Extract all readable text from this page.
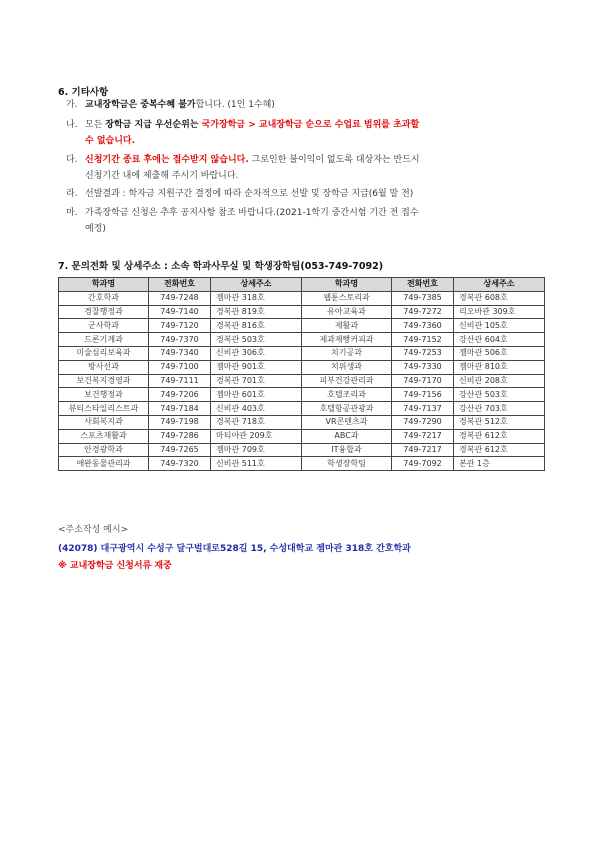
6. 기타사항
가. 교내장학금은 중복수혜 불가합니다. (1인 1수혜)
나. 모든 장학금 지급 우선순위는 국가장학금 > 교내장학금 순으로 수업료 범위를 초과할
수 없습니다.
다. 신청기간 종료 후에는 접수받지 않습니다. 그로인한 불이익이 없도록 대상자는 반드시
신청기간 내에 제출해 주시기 바랍니다.
라. 선발결과 : 학자금 지원구간 결정에 따라 순차적으로 선발 및 장학금 지급(6월 말 전)
마. 가족장학금 신청은 추후 공지사항 참조 바랍니다.(2021-1학기 중간시험 기간 전 접수
예정)
7. 문의전화 및 상세주소 : 소속 학과사무실 및 학생장학팀(053-749-7092)
학과명	전화번호	상세주소	학과명	전화번호	상세주소
간호학과	749-7248	젬마관 318호	웹툰스토리과	749-7385	경복관 608호
경찰행정과	749-7140	경복관 819호	유아교육과	749-7272	리오바관 309호
군사학과	749-7120	경복관 816호	제활과	749-7360	신비관 105호
드론기계과	749-7370	경복관 503호	제과제빵커피과	749-7152	강산관 604호
미술심리보육과	749-7340	신비관 306호	치기공과	749-7253	젬마관 506호
방사선과	749-7100	젬마관 901호	치위생과	749-7330	젬마관 810호
보건복지경영과	749-7111	경복관 701호	피부건강관리과	749-7170	신비관 208호
보건행정과	749-7206	젬마관 601호	호텔조리과	749-7156	강산관 503호
뷰티스타일리스트과	749-7184	신비관 403호	호텔항공관광과	749-7137	강산관 703호
사회복지과	749-7198	경복관 718호	VR콘텐츠과	749-7290	경복관 512호
스포츠재활과	749-7286	마티아관 209호	ABC과	749-7217	경복관 612호
안경광학과	749-7265	젬마관 709호	IT융합과	749-7217	경복관 612호
애완동물관리과	749-7320	신비관 511호	학생장학팀	749-7092	본관 1층
<주소작성 예시>
(42078) 대구광역시 수성구 달구벌대로528길 15, 수성대학교 젬마관 318호 간호학과
※ 교내장학금 신청서류 재중
